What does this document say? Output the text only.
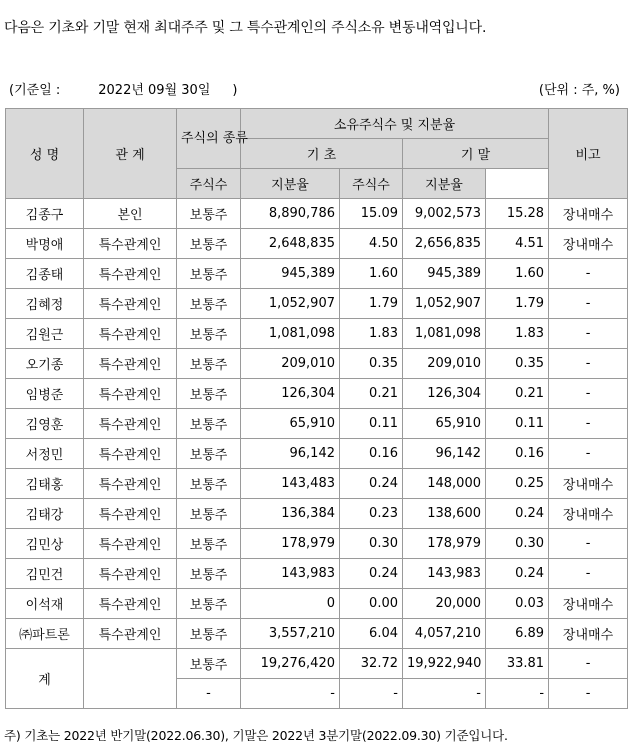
다음은 기초와 기말 현재 최대주주 및 그 특수관계인의 주식소유 변동내역입니다.
(기준일 :	2022년 09월 30일 )	(단위 : 주, %)
성 명	관 계	주식의 종류	소유주식수 및 지분율				비고
			기 초		기 말		
		주식수	지분율	주식수	지분율		
김종구	본인	보통주	8,890,786	15.09	9,002,573	15.28	장내매수
박명애	특수관계인	보통주	2,648,835	4.50	2,656,835	4.51	장내매수
김종태	특수관계인	보통주	945,389	1.60	945,389	1.60	-
김혜정	특수관계인	보통주	1,052,907	1.79	1,052,907	1.79	-
김원근	특수관계인	보통주	1,081,098	1.83	1,081,098	1.83	-
오기종	특수관계인	보통주	209,010	0.35	209,010	0.35	-
임병준	특수관계인	보통주	126,304	0.21	126,304	0.21	-
김영훈	특수관계인	보통주	65,910	0.11	65,910	0.11	-
서정민	특수관계인	보통주	96,142	0.16	96,142	0.16	-
김태홍	특수관계인	보통주	143,483	0.24	148,000	0.25	장내매수
김태강	특수관계인	보통주	136,384	0.23	138,600	0.24	장내매수
김민상	특수관계인	보통주	178,979	0.30	178,979	0.30	-
김민건	특수관계인	보통주	143,983	0.24	143,983	0.24	-
이석재	특수관계인	보통주	0	0.00	20,000	0.03	장내매수
㈜파트론	특수관계인	보통주	3,557,210	6.04	4,057,210	6.89	장내매수
계		보통주	19,276,420	32.72	19,922,940	33.81	-
		-	-	-	-	-	-
주) 기초는 2022년 반기말(2022.06.30), 기말은 2022년 3분기말(2022.09.30) 기준입니다.
